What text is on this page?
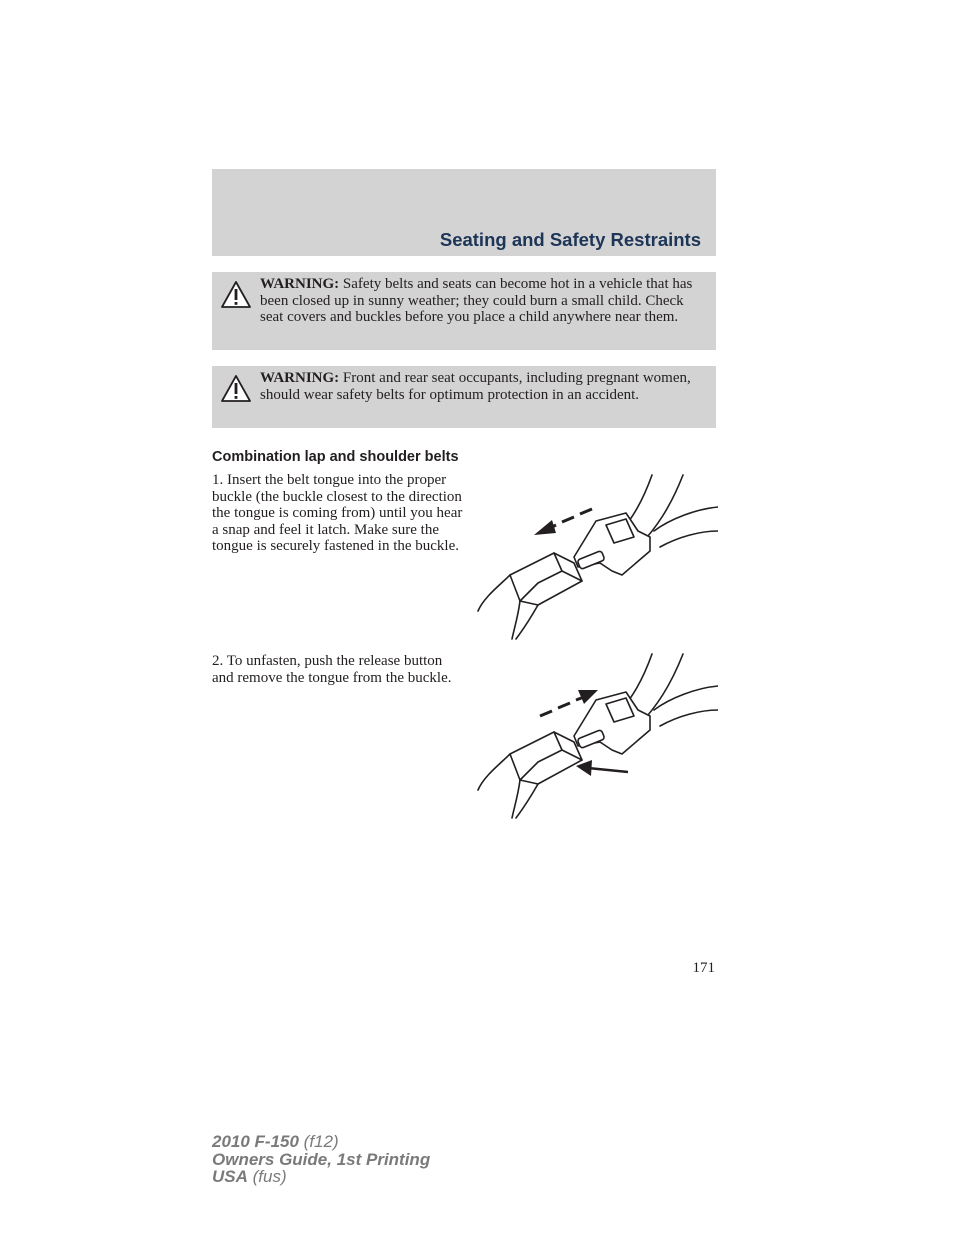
Seating and Safety Restraints
WARNING: Safety belts and seats can become hot in a vehicle that has been closed up in sunny weather; they could burn a small child. Check seat covers and buckles before you place a child anywhere near them.
WARNING: Front and rear seat occupants, including pregnant women, should wear safety belts for optimum protection in an accident.
Combination lap and shoulder belts
1. Insert the belt tongue into the proper buckle (the buckle closest to the direction the tongue is coming from) until you hear a snap and feel it latch. Make sure the tongue is securely fastened in the buckle.
2. To unfasten, push the release button and remove the tongue from the buckle.
171
2010 F-150 (f12)
Owners Guide, 1st Printing
USA (fus)
